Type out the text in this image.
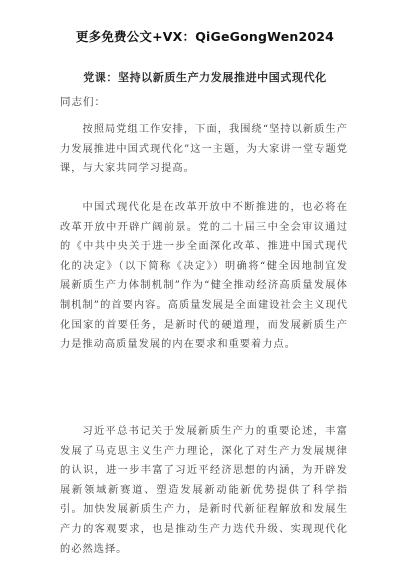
更多免费公文+VX：QiGeGongWen2024
党课：坚持以新质生产力发展推进中国式现代化
同志们：
按照局党组工作安排，下面，我围绕“坚持以新质生产力发展推进中国式现代化”这一主题，为大家讲一堂专题党课，与大家共同学习提高。
中国式现代化是在改革开放中不断推进的，也必将在改革开放中开辟广阔前景。党的二十届三中全会审议通过的《中共中央关于进一步全面深化改革、推进中国式现代化的决定》（以下简称《决定》）明确将“健全因地制宜发展新质生产力体制机制”作为“健全推动经济高质量发展体制机制”的首要内容。高质量发展是全面建设社会主义现代化国家的首要任务，是新时代的硬道理，而发展新质生产力是推动高质量发展的内在要求和重要着力点。
习近平总书记关于发展新质生产力的重要论述，丰富发展了马克思主义生产力理论，深化了对生产力发展规律的认识，进一步丰富了习近平经济思想的内涵，为开辟发展新领域新赛道、塑造发展新动能新优势提供了科学指引。加快发展新质生产力，是新时代新征程解放和发展生产力的客观要求，也是推动生产力迭代升级、实现现代化的必然选择。
